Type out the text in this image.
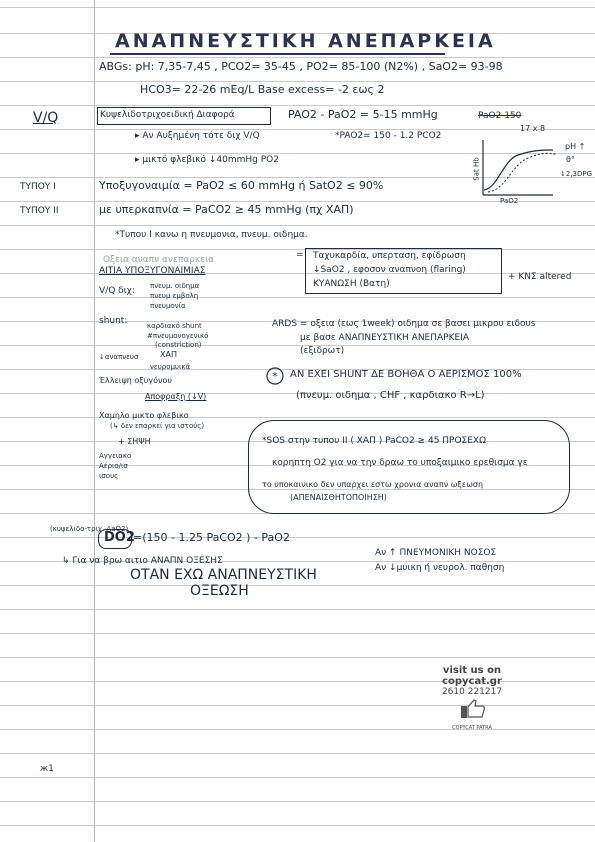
ΑΝΑΠΝΕΥΣΤΙΚΗ ΑΝΕΠΑΡΚΕΙΑ
ABGs: pH: 7,35-7,45 , PCO2= 35-45 , PO2= 85-100 (N2%) , SaO2= 93-98
HCO3= 22-26 mEq/L Base excess= -2 εως 2
V/Q	Κυψελιδοτριχοειδική Διαφορά	PAO2 - PaO2 = 5-15 mmHg	PaO2 150
17 x 8
▸ Αν Αυξημένη τότε διχ V/Q	*PAO2= 150 - 1.2 PCO2
▸ μικτό φλεβικό ↓40mmHg PO2	Sat Hb
PaO2
pH ↑
θ°
↓2,3DPG
ΤΥΠΟΥ Ι	Υποξυγοναιμία = PaO2 ≤ 60 mmHg ή SatO2 ≤ 90%
ΤΥΠΟΥ ΙΙ	με υπερκαπνία = PaCO2 ≥ 45 mmHg (πχ ΧΑΠ)
*Τυπου Ι κανω η πνευμονια, πνευμ. οιδημα.
Οξεια αναπν ανεπαρκεια	= Ταχυκαρδία, υπερταση, εφίδρωση
↓SaO2 , εφοσον αναπνοη (flaring)
ΚΥΑΝΩΣΗ (Βατη)
+ ΚΝΣ altered
ΑΙΤΙΑ ΥΠΟΞΥΓΟΝΑΙΜΙΑΣ
V/Q διχ: πνευμ. οιδημα
πνευμ εμβολη
πνευμονία
shunt:	καρδιακό shunt
#πνευμονογενικό
(constriction)
↓αναπνευσ	ΧΑΠ
νευρομυικά
Έλλειψη οξυγόνου
Αποφραξη (↓V)
Χαμηλο μικτο φλεβικο
(↳ δεν επαρκεί για ιστούς)
+ ΣΗΨΗ
Αγγειακο
Αέριο/ισ
ισους
ARDS = οξεια (εως 1week) οιδημα σε βασει μικρου ειδουs
με βασε ΑΝΑΠΝΕΥΣΤΙΚΗ ΑΝΕΠΑΡΚΕΙΑ
(εξιδρωτ)
* ΑΝ ΕΧΕΙ SHUNT ΔΕ ΒΟΗΘΑ Ο ΑΕΡΙΣΜΟΣ 100%
(πνευμ. οιδημα , CHF , καρδιακο R→L)
*SOS στην τυπου ΙΙ ( ΧΑΠ ) PaCO2 ≥ 45 ΠΡΟΣΕΧΩ
κορηπτη O2 για να την δραω το υποξαιμικο ερεθισμα γε
το υποκαινικο δεν υπαρχει εστω χρονια αναπν ωξεωση
(ΑΠΕΝΑΙΣΘΗΤΟΠΟΙΗΣΗ)
(κυψελιδο-τριχ. AaO2)
DO2
=(150 - 1.25 PaCO2 ) - PaO2
↳ Για να βρω αιτιο ΑΝΑΠΝ ΟΞΕΣΗΣ
Αν ↑ ΠΝΕΥΜΟΝΙΚΗ ΝΟΣΟΣ
Αν ↓μυικη ή νευρολ. παθηση
ΟΤΑΝ ΕΧΩ ΑΝΑΠΝΕΥΣΤΙΚΗ
ΟΞΕΩΣΗ
visit us on
copycat.gr
2610 221217
COPYCAT PATRA
ж1
